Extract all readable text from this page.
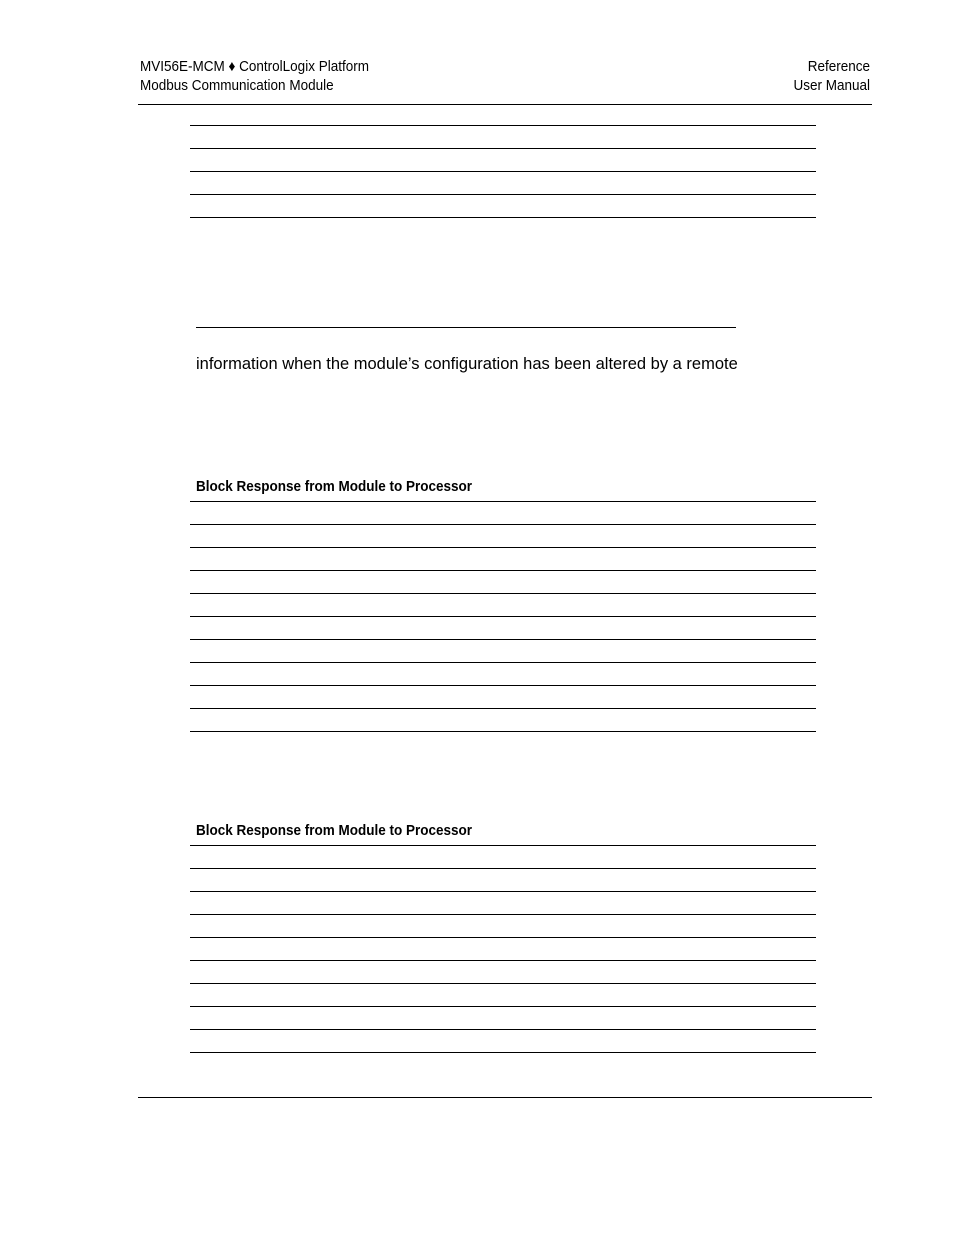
MVI56E-MCM ♦ ControlLogix Platform
Modbus Communication Module
Reference
User Manual
information when the module’s configuration has been altered by a remote
Block Response from Module to Processor
Block Response from Module to Processor
